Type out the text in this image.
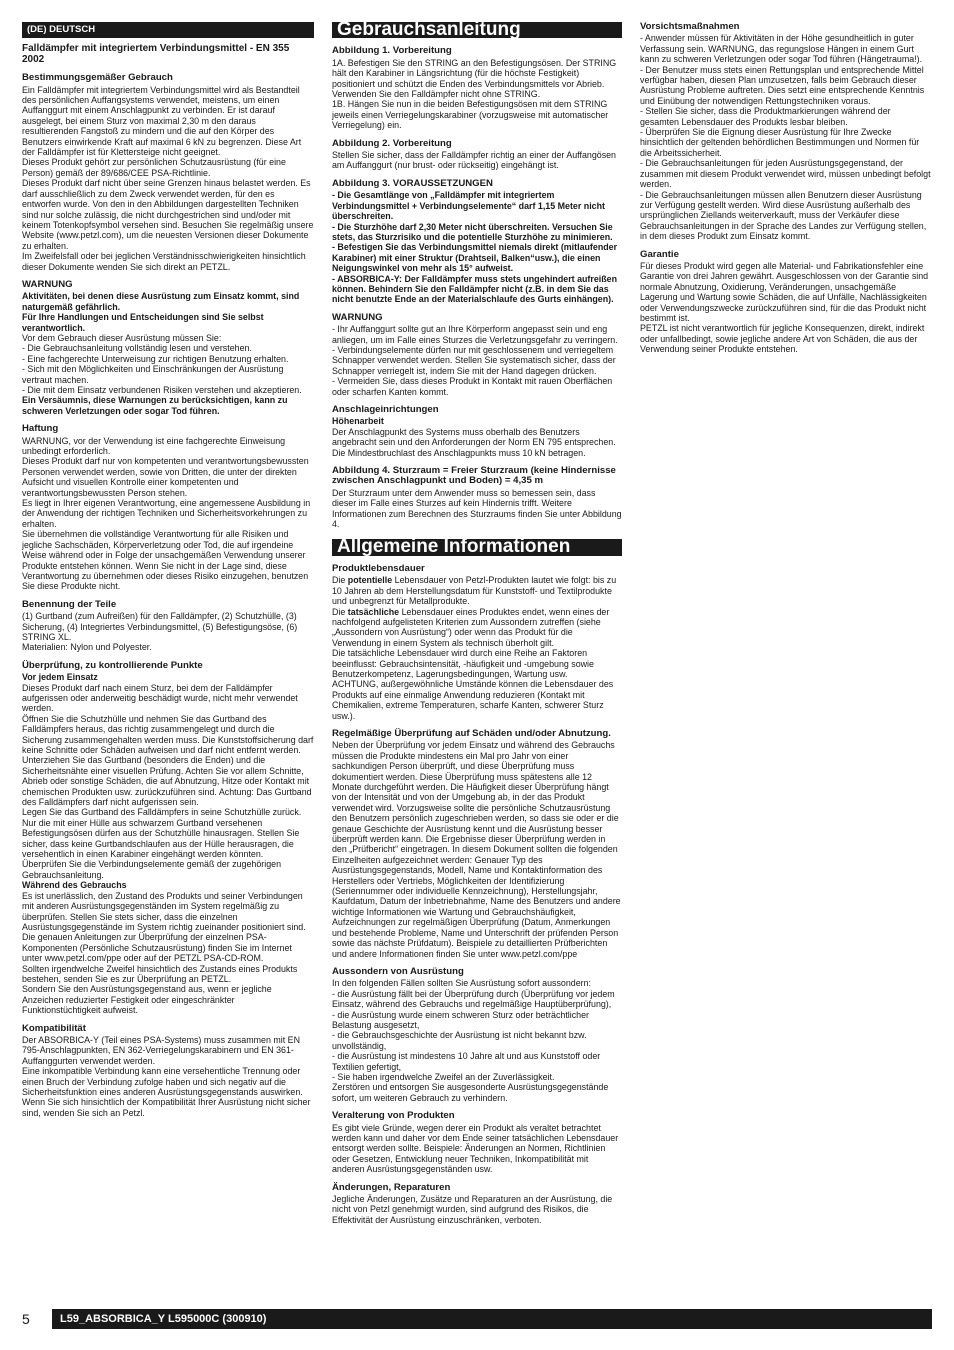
(DE) DEUTSCH
Falldämpfer mit integriertem Verbindungsmittel - EN 355 2002
Bestimmungsgemäßer Gebrauch

Ein Falldämpfer mit integriertem Verbindungsmittel wird als Bestandteil des persönlichen Auffangsystems verwendet, meistens, um einen Auffanggurt mit einem Anschlagpunkt zu verbinden. Er ist darauf ausgelegt, bei einem Sturz von maximal 2,30 m den daraus resultierenden Fangstoß zu mindern und die auf den Körper des Benutzers einwirkende Kraft auf maximal 6 kN zu begrenzen. Diese Art der Falldämpfer ist für Klettersteige nicht geeignet.

Dieses Produkt gehört zur persönlichen Schutzausrüstung (für eine Person) gemäß der 89/686/CEE PSA-Richtlinie.

Dieses Produkt darf nicht über seine Grenzen hinaus belastet werden. Es darf ausschließlich zu dem Zweck verwendet werden, für den es entworfen wurde. Von den in den Abbildungen dargestellten Techniken sind nur solche zulässig, die nicht durchgestrichen sind und/oder mit keinem Totenkopfsymbol versehen sind. Besuchen Sie regelmäßig unsere Website (www.petzl.com), um die neuesten Versionen dieser Dokumente zu erhalten.

Im Zweifelsfall oder bei jeglichen Verständnisschwierigkeiten hinsichtlich dieser Dokumente wenden Sie sich direkt an PETZL.

WARNUNG

Aktivitäten, bei denen diese Ausrüstung zum Einsatz kommt, sind naturgemäß gefährlich.

Für Ihre Handlungen und Entscheidungen sind Sie selbst verantwortlich.

Vor dem Gebrauch dieser Ausrüstung müssen Sie:

- Die Gebrauchsanleitung vollständig lesen und verstehen.

- Eine fachgerechte Unterweisung zur richtigen Benutzung erhalten.

- Sich mit den Möglichkeiten und Einschränkungen der Ausrüstung vertraut machen.

- Die mit dem Einsatz verbundenen Risiken verstehen und akzeptieren.

Ein Versäumnis, diese Warnungen zu berücksichtigen, kann zu schweren Verletzungen oder sogar Tod führen.

Haftung

WARNUNG, vor der Verwendung ist eine fachgerechte Einweisung unbedingt erforderlich.

Dieses Produkt darf nur von kompetenten und verantwortungsbewussten Personen verwendet werden, sowie von Dritten, die unter der direkten Aufsicht und visuellen Kontrolle einer kompetenten und verantwortungsbewussten Person stehen.

Es liegt in Ihrer eigenen Verantwortung, eine angemessene Ausbildung in der Anwendung der richtigen Techniken und Sicherheitsvorkehrungen zu erhalten.

Sie übernehmen die vollständige Verantwortung für alle Risiken und jegliche Sachschäden, Körperverletzung oder Tod, die auf irgendeine Weise während oder in Folge der unsachgemäßen Verwendung unserer Produkte entstehen können. Wenn Sie nicht in der Lage sind, diese Verantwortung zu übernehmen oder dieses Risiko einzugehen, benutzen Sie diese Produkte nicht.

Benennung der Teile

(1) Gurtband (zum Aufreißen) für den Falldämpfer, (2) Schutzhülle, (3) Sicherung, (4) Integriertes Verbindungsmittel, (5) Befestigungsöse, (6) STRING XL.

Materialien: Nylon und Polyester.

Überprüfung, zu kontrollierende Punkte
Vor jedem Einsatz

Dieses Produkt darf nach einem Sturz, bei dem der Falldämpfer aufgerissen oder anderweitig beschädigt wurde, nicht mehr verwendet werden.

Öffnen Sie die Schutzhülle und nehmen Sie das Gurtband des Falldämpfers heraus, das richtig zusammengelegt und durch die Sicherung zusammengehalten werden muss. Die Kunststoffsicherung darf keine Schnitte oder Schäden aufweisen und darf nicht entfernt werden.

Unterziehen Sie das Gurtband (besonders die Enden) und die Sicherheitsnähte einer visuellen Prüfung. Achten Sie vor allem Schnitte, Abrieb oder sonstige Schäden, die auf Abnutzung, Hitze oder Kontakt mit chemischen Produkten usw. zurückzuführen sind. Achtung: Das Gurtband des Falldämpfers darf nicht aufgerissen sein.

Legen Sie das Gurtband des Falldämpfers in seine Schutzhülle zurück. Nur die mit einer Hülle aus schwarzem Gurtband versehenen Befestigungsösen dürfen aus der Schutzhülle hinausragen. Stellen Sie sicher, dass keine Gurtbandschlaufen aus der Hülle herausragen, die versehentlich in einen Karabiner eingehängt werden könnten.

Überprüfen Sie die Verbindungselemente gemäß der zugehörigen Gebrauchsanleitung.

Während des Gebrauchs

Es ist unerlässlich, den Zustand des Produkts und seiner Verbindungen mit anderen Ausrüstungsgegenständen im System regelmäßig zu überprüfen. Stellen Sie stets sicher, dass die einzelnen Ausrüstungsgegenstände im System richtig zueinander positioniert sind.

Die genauen Anleitungen zur Überprüfung der einzelnen PSA-Komponenten (Persönliche Schutzausrüstung) finden Sie im Internet unter www.petzl.com/ppe oder auf der PETZL PSA-CD-ROM.

Sollten irgendwelche Zweifel hinsichtlich des Zustands eines Produkts bestehen, senden Sie es zur Überprüfung an PETZL.

Sondern Sie den Ausrüstungsgegenstand aus, wenn er jegliche Anzeichen reduzierter Festigkeit oder eingeschränkter Funktionstüchtigkeit aufweist.

Kompatibilität

Der ABSORBICA-Y (Teil eines PSA-Systems) muss zusammen mit EN 795-Anschlagpunkten, EN 362-Verriegelungskarabinern und EN 361-Auffanggurten verwendet werden.

Eine inkompatible Verbindung kann eine versehentliche Trennung oder einen Bruch der Verbindung zufolge haben und sich negativ auf die Sicherheitsfunktion eines anderen Ausrüstungsgegenstands auswirken. Wenn Sie sich hinsichtlich der Kompatibilität Ihrer Ausrüstung nicht sicher sind, wenden Sie sich an Petzl.

Gebrauchsanleitung
Abbildung 1. Vorbereitung

1A. Befestigen Sie den STRING an den Befestigungsösen. Der STRING hält den Karabiner in Längsrichtung (für die höchste Festigkeit) positioniert und schützt die Enden des Verbindungsmittels vor Abrieb. Verwenden Sie den Falldämpfer nicht ohne STRING.

1B. Hängen Sie nun in die beiden Befestigungsösen mit dem STRING jeweils einen Verriegelungskarabiner (vorzugsweise mit automatischer Verriegelung) ein.

Abbildung 2. Vorbereitung

Stellen Sie sicher, dass der Falldämpfer richtig an einer der Auffangösen am Auffanggurt (nur brust- oder rückseitig) eingehängt ist.

Abbildung 3. VORAUSSETZUNGEN

- Die Gesamtlänge von „Falldämpfer mit integriertem Verbindungsmittel + Verbindungselemente“ darf 1,15 Meter nicht überschreiten.

- Die Sturzhöhe darf 2,30 Meter nicht überschreiten. Versuchen Sie stets, das Sturzrisiko und die potentielle Sturzhöhe zu minimieren.

- Befestigen Sie das Verbindungsmittel niemals direkt (mitlaufender Karabiner) mit einer Struktur (Drahtseil, Balken“usw.), die einen Neigungswinkel von mehr als 15° aufweist.

- ABSORBICA-Y: Der Falldämpfer muss stets ungehindert aufreißen können. Behindern Sie den Falldämpfer nicht (z.B. in dem Sie das nicht benutzte Ende an der Materialschlaufe des Gurts einhängen).

WARNUNG

- Ihr Auffanggurt sollte gut an Ihre Körperform angepasst sein und eng anliegen, um im Falle eines Sturzes die Verletzungsgefahr zu verringern.

- Verbindungselemente dürfen nur mit geschlossenem und verriegeltem Schnapper verwendet werden. Stellen Sie systematisch sicher, dass der Schnapper verriegelt ist, indem Sie mit der Hand dagegen drücken.

- Vermeiden Sie, dass dieses Produkt in Kontakt mit rauen Oberflächen oder scharfen Kanten kommt.

Anschlageinrichtungen
Höhenarbeit

Der Anschlagpunkt des Systems muss oberhalb des Benutzers angebracht sein und den Anforderungen der Norm EN 795 entsprechen. Die Mindestbruchlast des Anschlagpunkts muss 10 kN betragen.

Abbildung 4. Sturzraum = Freier Sturzraum (keine Hindernisse zwischen Anschlagpunkt und Boden) = 4,35 m

Der Sturzraum unter dem Anwender muss so bemessen sein, dass dieser im Falle eines Sturzes auf kein Hindernis trifft. Weitere Informationen zum Berechnen des Sturzraums finden Sie unter Abbildung 4.

Allgemeine Informationen
Produktlebensdauer

Die potentielle Lebensdauer von Petzl-Produkten lautet wie folgt: bis zu 10 Jahren ab dem Herstellungsdatum für Kunststoff- und Textilprodukte und unbegrenzt für Metallprodukte.

Die tatsächliche Lebensdauer eines Produktes endet, wenn eines der nachfolgend aufgelisteten Kriterien zum Aussondern zutreffen (siehe „Aussondern von Ausrüstung“) oder wenn das Produkt für die Verwendung in einem System als technisch überholt gilt.

Die tatsächliche Lebensdauer wird durch eine Reihe an Faktoren beeinflusst: Gebrauchsintensität, -häufigkeit und -umgebung sowie Benutzerkompetenz, Lagerungsbedingungen, Wartung usw.

ACHTUNG, außergewöhnliche Umstände können die Lebensdauer des Produkts auf eine einmalige Anwendung reduzieren (Kontakt mit Chemikalien, extreme Temperaturen, scharfe Kanten, schwerer Sturz usw.).

Regelmäßige Überprüfung auf Schäden und/oder Abnutzung.

Neben der Überprüfung vor jedem Einsatz und während des Gebrauchs müssen die Produkte mindestens ein Mal pro Jahr von einer sachkundigen Person überprüft, und diese Überprüfung muss dokumentiert werden. Diese Überprüfung muss spätestens alle 12 Monate durchgeführt werden. Die Häufigkeit dieser Überprüfung hängt von der Intensität und von der Umgebung ab, in der das Produkt verwendet wird. Vorzugsweise sollte die persönliche Schutzausrüstung den Benutzern persönlich zugeschrieben werden, so dass sie oder er die genaue Geschichte der Ausrüstung kennt und die Ausrüstung besser überprüft werden kann. Die Ergebnisse dieser Überprüfung werden in den „Prüfbericht“ eingetragen. In diesem Dokument sollten die folgenden Einzelheiten aufgezeichnet werden: Genauer Typ des Ausrüstungsgegenstands, Modell, Name und Kontaktinformation des Herstellers oder Vertriebs, Möglichkeiten der Identifizierung (Seriennummer oder individuelle Kennzeichnung), Herstellungsjahr, Kaufdatum, Datum der Inbetriebnahme, Name des Benutzers und andere wichtige Informationen wie Wartung und Gebrauchshäufigkeit, Aufzeichnungen zur regelmäßigen Überprüfung (Datum, Anmerkungen und bestehende Probleme, Name und Unterschrift der prüfenden Person sowie das nächste Prüfdatum). Beispiele zu detaillierten Prüfberichten und andere Informationen finden Sie unter www.petzl.com/ppe

Aussondern von Ausrüstung

In den folgenden Fällen sollten Sie Ausrüstung sofort aussondern:

- die Ausrüstung fällt bei der Überprüfung durch (Überprüfung vor jedem Einsatz, während des Gebrauchs und regelmäßige Hauptüberprüfung),

- die Ausrüstung wurde einem schweren Sturz oder beträchtlicher Belastung ausgesetzt,

- die Gebrauchsgeschichte der Ausrüstung ist nicht bekannt bzw. unvollständig,

- die Ausrüstung ist mindestens 10 Jahre alt und aus Kunststoff oder Textilien gefertigt,

- Sie haben irgendwelche Zweifel an der Zuverlässigkeit.

Zerstören und entsorgen Sie ausgesonderte Ausrüstungsgegenstände sofort, um weiteren Gebrauch zu verhindern.

Veralterung von Produkten

Es gibt viele Gründe, wegen derer ein Produkt als veraltet betrachtet werden kann und daher vor dem Ende seiner tatsächlichen Lebensdauer entsorgt werden sollte. Beispiele: Änderungen an Normen, Richtlinien oder Gesetzen, Entwicklung neuer Techniken, Inkompatibilität mit anderen Ausrüstungsgegenständen usw.

Änderungen, Reparaturen

Jegliche Änderungen, Zusätze und Reparaturen an der Ausrüstung, die nicht von Petzl genehmigt wurden, sind aufgrund des Risikos, die Effektivität der Ausrüstung einzuschränken, verboten.

Vorsichtsmaßnahmen

- Anwender müssen für Aktivitäten in der Höhe gesundheitlich in guter Verfassung sein. WARNUNG, das regungslose Hängen in einem Gurt kann zu schweren Verletzungen oder sogar Tod führen (Hängetrauma!).

- Der Benutzer muss stets einen Rettungsplan und entsprechende Mittel verfügbar haben, diesen Plan umzusetzen, falls beim Gebrauch dieser Ausrüstung Probleme auftreten. Dies setzt eine entsprechende Kenntnis und Einübung der notwendigen Rettungstechniken voraus.

- Stellen Sie sicher, dass die Produktmarkierungen während der gesamten Lebensdauer des Produkts lesbar bleiben.

- Überprüfen Sie die Eignung dieser Ausrüstung für Ihre Zwecke hinsichtlich der geltenden behördlichen Bestimmungen und Normen für die Arbeitssicherheit.

- Die Gebrauchsanleitungen für jeden Ausrüstungsgegenstand, der zusammen mit diesem Produkt verwendet wird, müssen unbedingt befolgt werden.

- Die Gebrauchsanleitungen müssen allen Benutzern dieser Ausrüstung zur Verfügung gestellt werden. Wird diese Ausrüstung außerhalb des ursprünglichen Ziellands weiterverkauft, muss der Verkäufer diese Gebrauchsanleitungen in der Sprache des Landes zur Verfügung stellen, in dem dieses Produkt zum Einsatz kommt.

Garantie

Für dieses Produkt wird gegen alle Material- und Fabrikationsfehler eine Garantie von drei Jahren gewährt. Ausgeschlossen von der Garantie sind normale Abnutzung, Oxidierung, Veränderungen, unsachgemäße Lagerung und Wartung sowie Schäden, die auf Unfälle, Nachlässigkeiten oder Verwendungszwecke zurückzuführen sind, für die das Produkt nicht bestimmt ist.

PETZL ist nicht verantwortlich für jegliche Konsequenzen, direkt, indirekt oder unfallbedingt, sowie jegliche andere Art von Schäden, die aus der Verwendung seiner Produkte entstehen.

5	L59_ABSORBICA_Y L595000C (300910)
